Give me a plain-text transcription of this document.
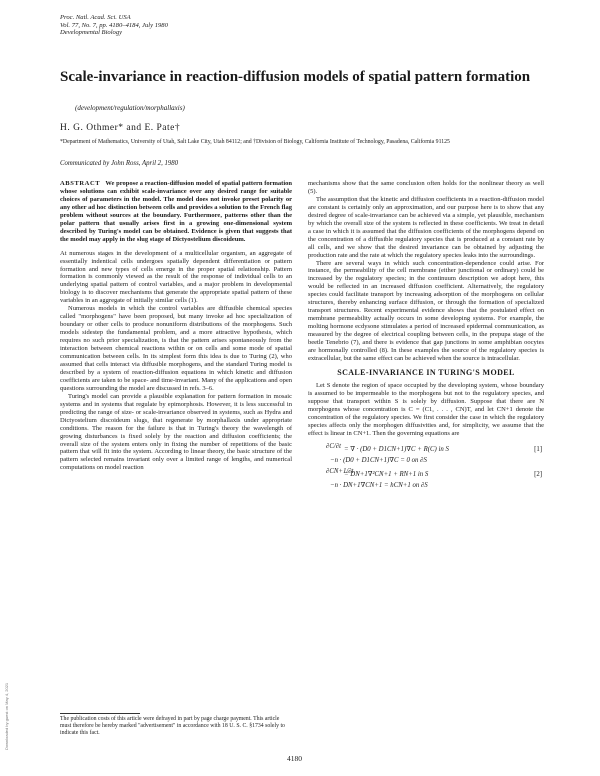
Proc. Natl. Acad. Sci. USA
Vol. 77, No. 7, pp. 4180–4184, July 1980
Developmental Biology
Scale-invariance in reaction-diffusion models of spatial pattern formation
(development/regulation/morphallaxis)
H. G. Othmer* and E. Pate†
*Department of Mathematics, University of Utah, Salt Lake City, Utah 84112; and †Division of Biology, California Institute of Technology, Pasadena, California 91125
Communicated by John Ross, April 2, 1980

ABSTRACT We propose a reaction-diffusion model of spatial pattern formation whose solutions can exhibit scale-invariance over any desired range for suitable choices of parameters in the model. The model does not invoke preset polarity or any other ad hoc distinction between cells and provides a solution to the French flag problem without sources at the boundary. Furthermore, patterns other than the polar pattern that usually arises first in a growing one-dimensional system described by Turing's model can be obtained. Evidence is given that suggests that the model may apply in the slug stage of Dictyostelium discoideum.

At numerous stages in the development of a multicellular organism, an aggregate of essentially indentical cells undergoes spatially dependent differentiation or pattern formation and new types of cells emerge in the proper spatial relationship. Pattern formation is commonly viewed as the result of the response of individual cells to an underlying spatial pattern of control variables, and a major problem in developmental biology is to discover mechanisms that generate the appropriate spatial pattern of these variables in an aggregate of initially similar cells (1).

Numerous models in which the control variables are diffusible chemical species called "morphogens" have been proposed, but many invoke ad hoc specialization of boundary or other cells to produce nonuniform distributions of the morphogens. Such models sidestep the fundamental problem, and a more attractive hypothesis, which requires no such prior specialization, is that the pattern arises spontaneously from the interaction between chemical reactions within or on cells and some mode of spatial communication between cells. In its simplest form this idea is due to Turing (2), who assumed that cells interact via diffusible morphogens, and the standard Turing model is described by a system of reaction-diffusion equations in which kinetic and diffusion coefficients are taken to be space- and time-invariant. Many of the applications and open questions surrounding the model are discussed in refs. 3–6.

Turing's model can provide a plausible explanation for pattern formation in mosaic systems and in systems that regulate by epimorphosis. However, it is less successful in predicting the range of size- or scale-invariance observed in systems, such as Hydra and Dictyostelium discoideum slugs, that regenerate by morphallaxis under appropriate conditions. The reason for the failure is that in Turing's theory the wavelength of growing disturbances is fixed solely by the reaction and diffusion coefficients; the overall size of the system enters only in fixing the number of repetitions of the basic pattern that will fit into the system. According to linear theory, the basic structure of the pattern selected remains invariant only over a limited range of lengths, and numerical computations on model reaction

mechanisms show that the same conclusion often holds for the nonlinear theory as well (5).

The assumption that the kinetic and diffusion coefficients in a reaction-diffusion model are constant is certainly only an approximation, and our purpose here is to show that any desired degree of scale-invariance can be achieved via a simple, yet plausible, mechanism by which the overall size of the system is reflected in these coefficients. We treat in detail a case in which it is assumed that the diffusion coefficients of the morphogens depend on the concentration of a diffusible regulatory species that is produced at a constant rate by all cells, and we show that the desired invariance can be obtained by adjusting the production rate and the rate at which the regulatory species leaks into the surroundings.

There are several ways in which such concentration-dependence could arise. For instance, the permeability of the cell membrane (either junctional or ordinary) could be increased by the regulatory species; in the continuum description we adopt here, this would be reflected in an increased diffusion coefficient. Alternatively, the regulatory species could facilitate transport by increasing adsorption of the morphogens on cellular structures, thereby enhancing surface diffusion, or through the formation of specialized transport structures. Recent experimental evidence shows that the postulated effect on membrane permeability actually occurs in some developing systems. For example, the molting hormone ecdysone stimulates a period of increased epidermal communication, as measured by the degree of electrical coupling between cells, in the prepupa stage of the beetle Tenebrio (7), and there is evidence that gap junctions in some amphibian oocytes are hormonally controlled (8). In these examples the source of the regulatory species is extracellular, but the same effect can be achieved when the source is intracellular.

SCALE-INVARIANCE IN TURING'S MODEL

Let S denote the region of space occupied by the developing system, whose boundary is assumed to be impermeable to the morphogens but not to the regulatory species, and suppose that transport within S is solely by diffusion. Suppose that there are N morphogens whose concentration is C = (C1, . . . , CN)T, and let CN+1 denote the concentration of the regulatory species. We first consider the case in which the regulatory species affects only the morphogen diffusivities and, for simplicity, we assume that the effect is linear in CN+1. Then the governing equations are

∂C/∂t = ∇ · (D0 + D1CN+1)∇C + R(C) in S	[1]
−n · (D0 + D1CN+1)∇C = 0 on ∂S
∂CN+1/∂t
= DN+1∇²CN+1 + RN+1 in S	[2]
−n · DN+1∇CN+1 = hCN+1 on ∂S
The publication costs of this article were defrayed in part by page charge payment. This article must therefore be hereby marked "advertisement" in accordance with 18 U. S. C. §1734 solely to indicate this fact.
4180
Downloaded by guest on May 4, 2021
